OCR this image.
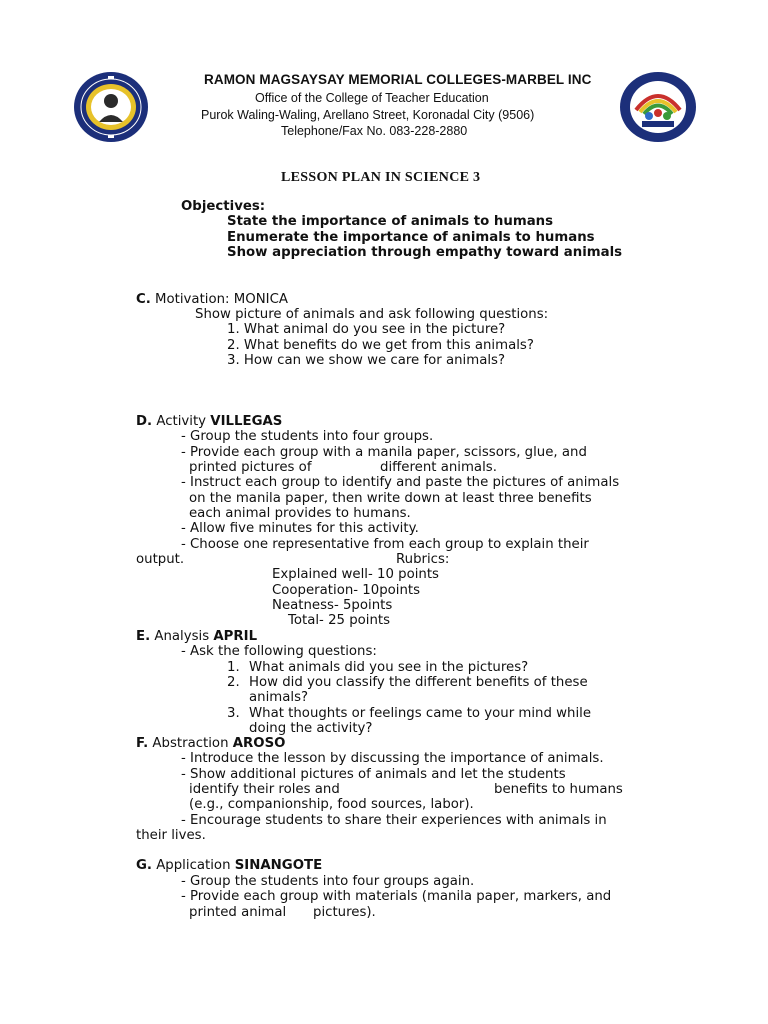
RAMON MAGSAYSAY MEMORIAL COLLEGES-MARBEL INC
Office of the College of Teacher Education
Purok Waling-Waling, Arellano Street, Koronadal City (9506)
Telephone/Fax No. 083-228-2880
LESSON PLAN IN SCIENCE 3
Objectives:
State the importance of animals to humans
Enumerate the importance of animals to humans
Show appreciation through empathy toward animals
C. Motivation: MONICA
Show picture of animals and ask following questions:
1. What animal do you see in the picture?
2. What benefits do we get from this animals?
3. How can we show we care for animals?
D. Activity VILLEGAS
- Group the students into four groups.
- Provide each group with a manila paper, scissors, glue, and
printed pictures of	different animals.
- Instruct each group to identify and paste the pictures of animals
on the manila paper, then write down at least three benefits
each animal provides to humans.
- Allow five minutes for this activity.
- Choose one representative from each group to explain their
output.	Rubrics:
Explained well- 10 points
Cooperation- 10points
Neatness- 5points
Total- 25 points
E. Analysis APRIL
- Ask the following questions:
1. What animals did you see in the pictures?
2. How did you classify the different benefits of these
animals?
3. What thoughts or feelings came to your mind while
doing the activity?
F. Abstraction AROSO
- Introduce the lesson by discussing the importance of animals.
- Show additional pictures of animals and let the students
identify their roles and	benefits to humans
(e.g., companionship, food sources, labor).
- Encourage students to share their experiences with animals in
their lives.
G. Application SINANGOTE
- Group the students into four groups again.
- Provide each group with materials (manila paper, markers, and
printed animal pictures).
